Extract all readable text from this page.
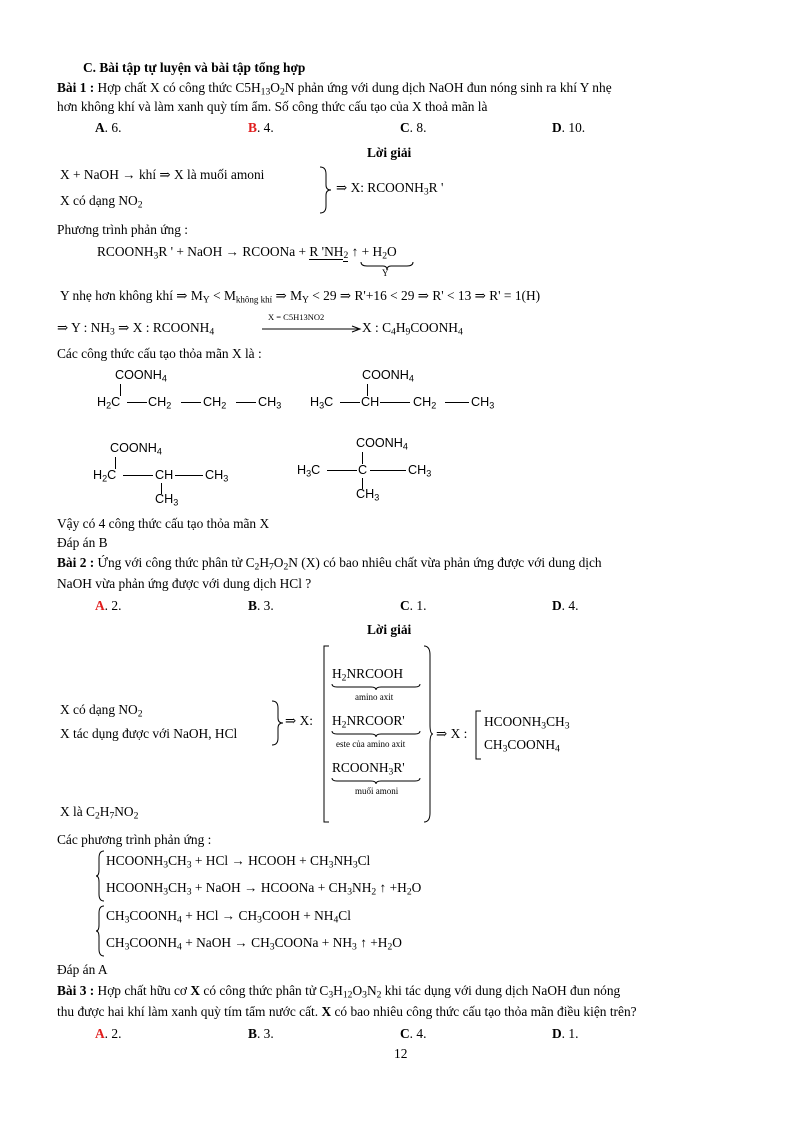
C. Bài tập tự luyện và bài tập tổng hợp
Bài 1 : Hợp chất X có công thức $C5H_{13}O_2N$ phản ứng với dung dịch NaOH đun nóng sinh ra khí Y nhẹ
hơn không khí và làm xanh quỳ tím ẩm. Số công thức cấu tạo của X thoả mãn là
A. 6.	B. 4.	C. 8.	D. 10.
Lời giải
X + NaOH → khí ⇒ X là muối amoni
X có dạng $NO_2$
⇒ X: $RCOONH_3R$ '
Phương trình phản ứng :
$RCOONH_3R$ ' + NaOH → RCOONa + R '$NH_2$ ↑ + $H_2O$
Y
Y nhẹ hơn không khí ⇒ $M_Y < M_{không khí}$ ⇒ $M_Y < 29$ ⇒ R'+16 < 29 ⇒ R' < 13 ⇒ R' = 1(H)
⇒ Y : $NH_3$ ⇒ X : $RCOONH_4$
X = C5H13NO2
X : $C_4H_9COONH_4$
Các công thức cấu tạo thỏa mãn X là :
$COONH_4$
$H_2C$ $CH_2$	$CH_2$	$CH_3$
$COONH_4$
$H_3C$ CH	$CH_2$	$CH_3$
$COONH_4$
$H_2C$	CH	$CH_3$
$CH_3$
$COONH_4$
$H_3C$	C	$CH_3$
$CH_3$
Vậy có 4 công thức cấu tạo thỏa mãn X
Đáp án B
Bài 2 : Ứng với công thức phân tử $C_2H_7O_2N$ (X) có bao nhiêu chất vừa phản ứng được với dung dịch
NaOH vừa phản ứng được với dung dịch HCl ?
A. 2.	B. 3.	C. 1.	D. 4.
Lời giải
X có dạng $NO_2$
X tác dụng được với NaOH, HCl
⇒ X:
$H_2NRCOOH$
amino axit
$H_2NRCOOR'$
este của amino axit
$RCOONH_3R'$
muối amoni
⇒ X :
$HCOONH_3CH_3$
$CH_3COONH_4$
X là $C_2H_7NO_2$
Các phương trình phản ứng :
$HCOONH_3CH_3$ + HCl → HCOOH + $CH_3NH_3Cl$
$HCOONH_3CH_3$ + NaOH → HCOONa + $CH_3NH_2$ ↑ $+H_2O$
$CH_3COONH_4$ + HCl → $CH_3COOH + NH_4Cl$
$CH_3COONH_4$ + NaOH → $CH_3COONa + NH_3$ ↑ $+H_2O$
Đáp án A
Bài 3 : Hợp chất hữu cơ X có công thức phân tử $C_3H_{12}O_3N_2$ khi tác dụng với dung dịch NaOH đun nóng
thu được hai khí làm xanh quỳ tím tẩm nước cất. X có bao nhiêu công thức cấu tạo thỏa mãn điều kiện trên?
A. 2.	B. 3.	C. 4.	D. 1.
12
